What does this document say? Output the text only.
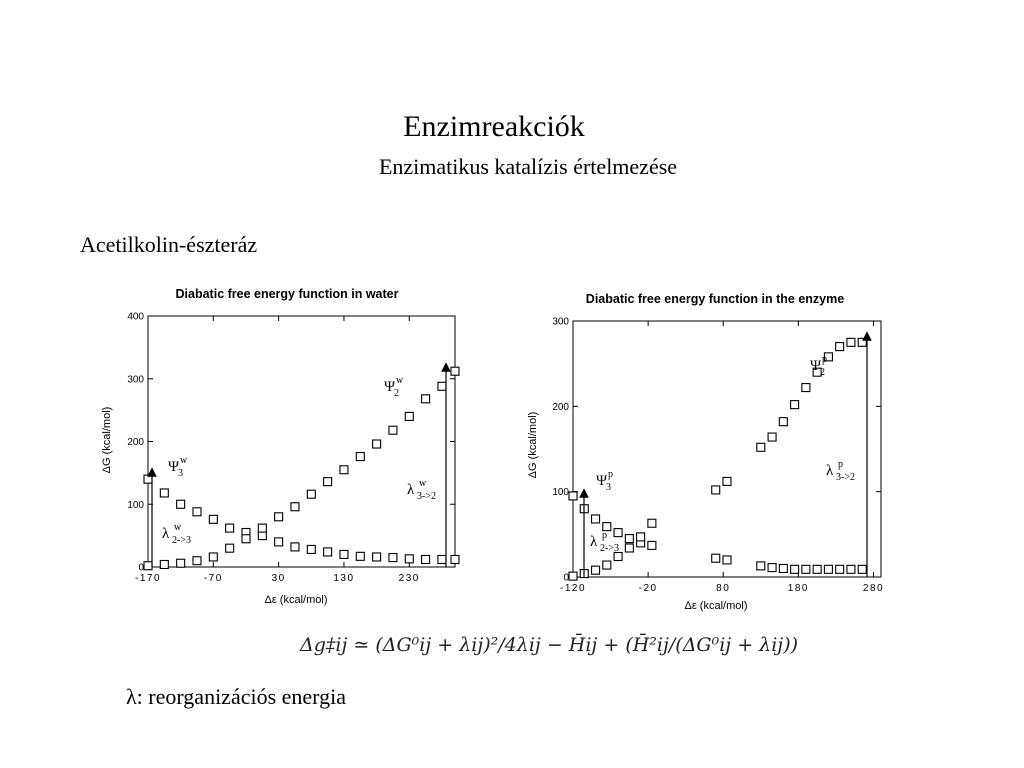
Enzimreakciók
Enzimatikus katalízis értelmezése
Acetilkolin-észteráz
Diabatic free energy function in water
0
100
200
300
400
-170	-70	30	130	230
Δε (kcal/mol)
ΔG (kcal/mol)	Ψ w
3
Ψ w
2
λ w
2->3
λ w
3->2
Diabatic free energy function in the enzyme
0
100
200
300
-120	-20	80	180	280
Δε (kcal/mol)
ΔG (kcal/mol)
Ψ p
3
Ψ p
2
λ p
2->3
λ p
3->2
Δg‡ij ≃ (ΔG⁰ij + λij)²/4λij − H̄ij + (H̄²ij/(ΔG⁰ij + λij))
λ: reorganizációs energia
